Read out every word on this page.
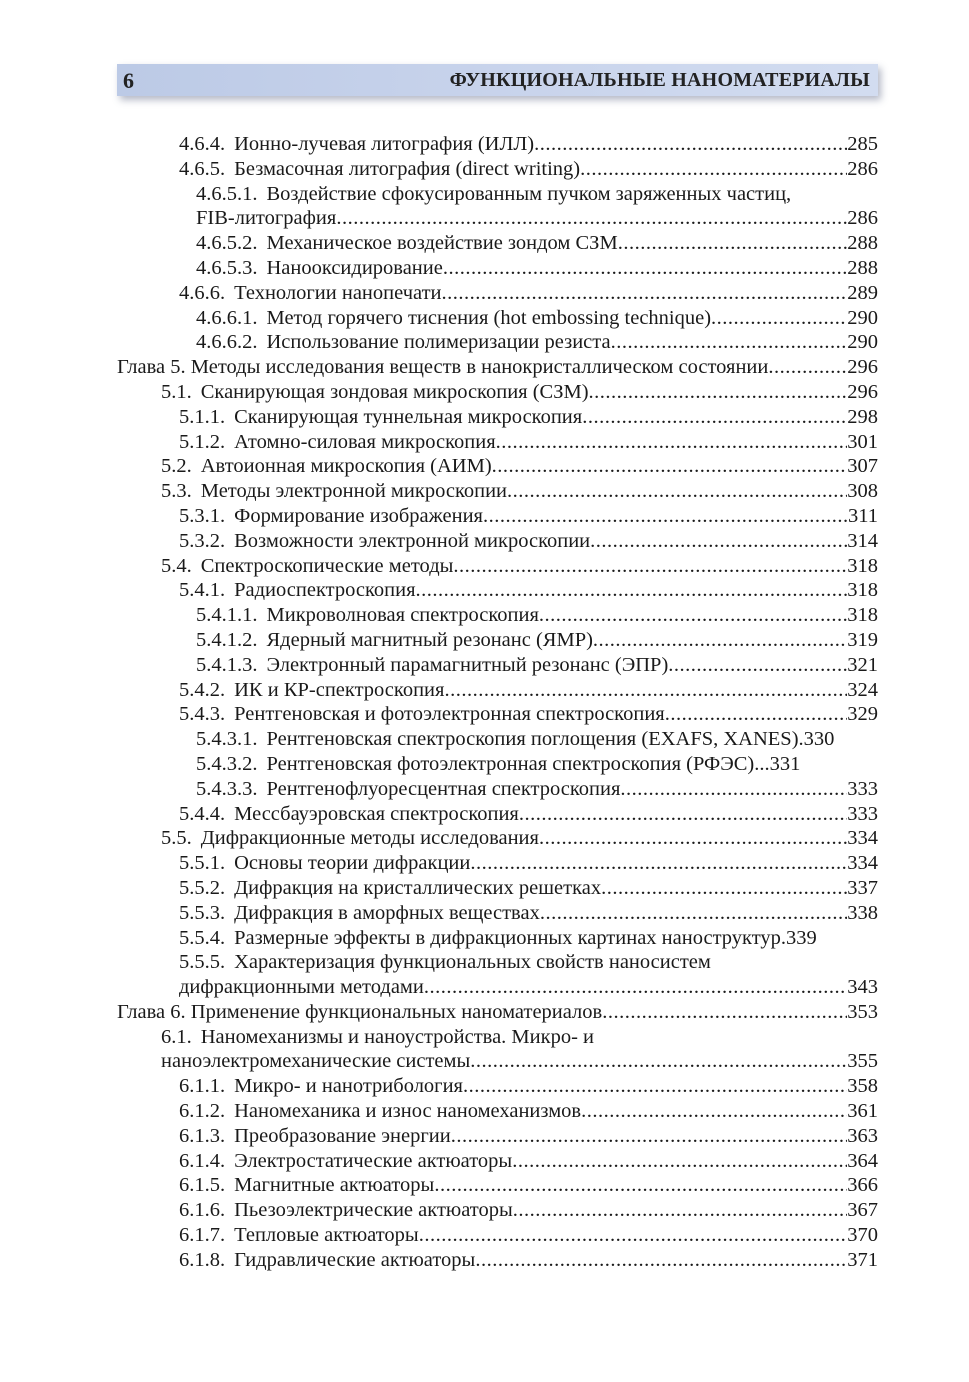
6	ФУНКЦИОНАЛЬНЫЕ НАНОМАТЕРИАЛЫ
4.6.4. Ионно-лучевая литография (ИЛЛ) .....	285
4.6.5. Безмасочная литография (direct writing) .....	286
4.6.5.1. Воздействие сфокусированным пучком заряженных частиц,
FIB-литография .....	286
4.6.5.2. Механическое воздействие зондом СЗМ .....	288
4.6.5.3. Нанооксидирование .....	288
4.6.6. Технологии нанопечати .....	289
4.6.6.1. Метод горячего тиснения (hot embossing technique) .....	290
4.6.6.2. Использование полимеризации резиста .....	290
Глава 5. Методы исследования веществ в нанокристаллическом состоянии .....	296
5.1. Сканирующая зондовая микроскопия (СЗМ) .....	296
5.1.1. Сканирующая туннельная микроскопия .....	298
5.1.2. Атомно-силовая микроскопия .....	301
5.2. Автоионная микроскопия (АИМ) .....	307
5.3. Методы электронной микроскопии .....	308
5.3.1. Формирование изображения .....	311
5.3.2. Возможности электронной микроскопии .....	314
5.4. Спектроскопические методы .....	318
5.4.1. Радиоспектроскопия .....	318
5.4.1.1. Микроволновая спектроскопия .....	318
5.4.1.2. Ядерный магнитный резонанс (ЯМР) .....	319
5.4.1.3. Электронный парамагнитный резонанс (ЭПР) .....	321
5.4.2. ИК и КР-спектроскопия .....	324
5.4.3. Рентгеновская и фотоэлектронная спектроскопия .....	329
5.4.3.1. Рентгеновская спектроскопия поглощения (EXAFS, XANES) .330
5.4.3.2. Рентгеновская фотоэлектронная спектроскопия (РФЭС) ...331
5.4.3.3. Рентгенофлуоресцентная спектроскопия .....	333
5.4.4. Мессбауэровская спектроскопия .....	333
5.5. Дифракционные методы исследования .....	334
5.5.1. Основы теории дифракции .....	334
5.5.2. Дифракция на кристаллических решетках .....	337
5.5.3. Дифракция в аморфных веществах .....	338
5.5.4. Размерные эффекты в дифракционных картинах наноструктур. 339
5.5.5. Характеризация функциональных свойств наносистем
дифракционными методами .....	343
Глава 6. Применение функциональных наноматериалов .....	353
6.1. Наномеханизмы и наноустройства. Микро- и
наноэлектромеханические системы .....	355
6.1.1. Микро- и нанотрибология .....	358
6.1.2. Наномеханика и износ наномеханизмов .....	361
6.1.3. Преобразование энергии .....	363
6.1.4. Электростатические актюаторы .....	364
6.1.5. Магнитные актюаторы .....	366
6.1.6. Пьезоэлектрические актюаторы .....	367
6.1.7. Тепловые актюаторы .....	370
6.1.8. Гидравлические актюаторы .....	371
